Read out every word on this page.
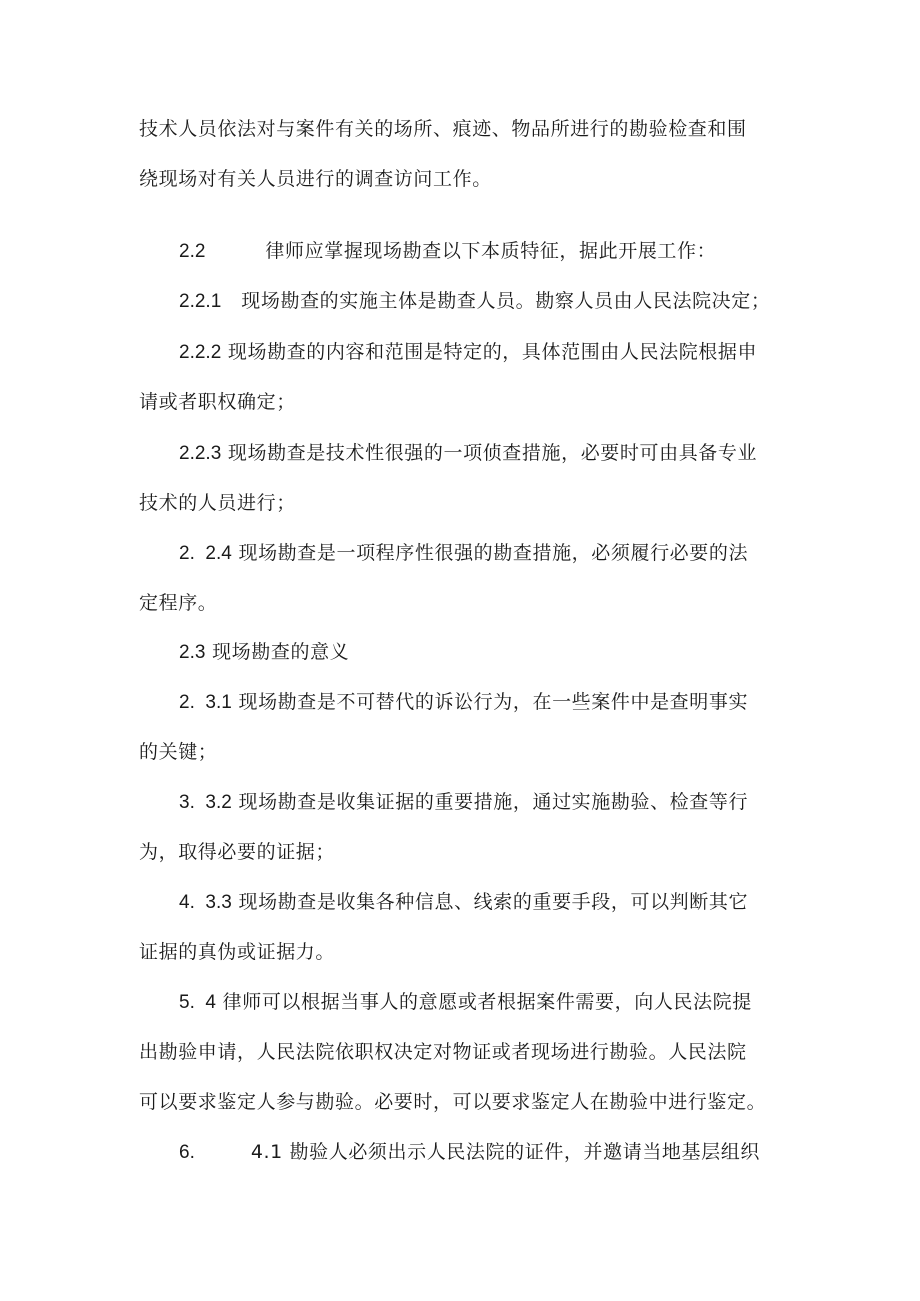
技术人员依法对与案件有关的场所、痕迹、物品所进行的勘验检查和围
绕现场对有关人员进行的调查访问工作。
2.2	律师应掌握现场勘查以下本质特征，据此开展工作：
2.2.1 现场勘查的实施主体是勘查人员。勘察人员由人民法院决定；
2.2.2 现场勘查的内容和范围是特定的，具体范围由人民法院根据申
请或者职权确定；
2.2.3 现场勘查是技术性很强的一项侦查措施，必要时可由具备专业
技术的人员进行；
2.  2.4 现场勘查是一项程序性很强的勘查措施，必须履行必要的法
定程序。
2.3 现场勘查的意义
2.  3.1 现场勘查是不可替代的诉讼行为，在一些案件中是查明事实
的关键；
3.  3.2 现场勘查是收集证据的重要措施，通过实施勘验、检查等行
为，取得必要的证据；
4.  3.3 现场勘查是收集各种信息、线索的重要手段，可以判断其它
证据的真伪或证据力。
5.  4 律师可以根据当事人的意愿或者根据案件需要，向人民法院提
出勘验申请，人民法院依职权决定对物证或者现场进行勘验。人民法院
可以要求鉴定人参与勘验。必要时，可以要求鉴定人在勘验中进行鉴定。
6.	4.1 勘验人必须出示人民法院的证件，并邀请当地基层组织
